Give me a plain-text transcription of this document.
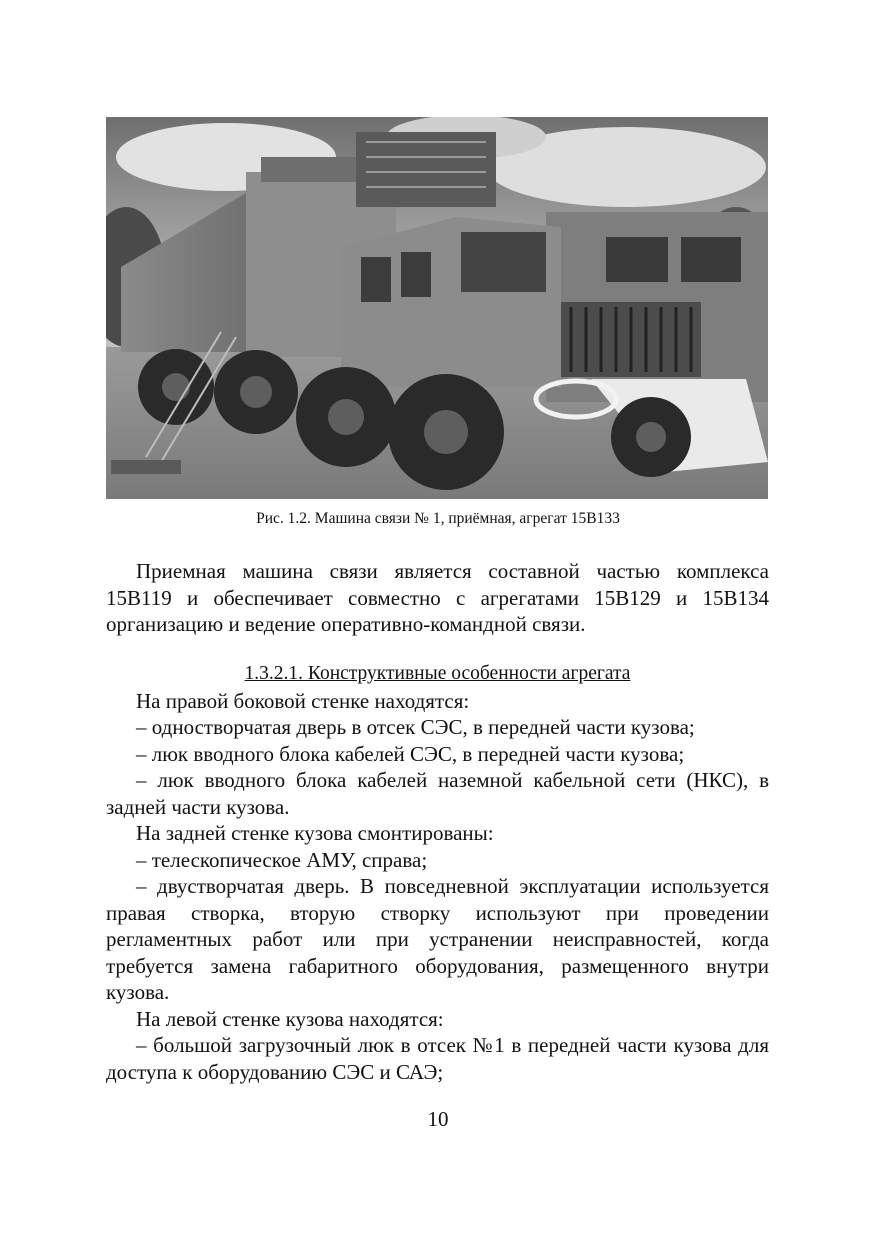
Рис. 1.2. Машина связи № 1, приёмная, агрегат 15В133

Приемная машина связи является составной частью комплекса 15В119 и обеспечивает совместно с агрегатами 15В129 и 15В134 организацию и ведение оперативно-командной связи.

1.3.2.1. Конструктивные особенности агрегата

На правой боковой стенке находятся:

– одностворчатая дверь в отсек СЭС, в передней части кузова;

– люк вводного блока кабелей СЭС, в передней части кузова;

– люк вводного блока кабелей наземной кабельной сети (НКС), в задней части кузова.

На задней стенке кузова смонтированы:

– телескопическое АМУ, справа;

– двустворчатая дверь. В повседневной эксплуатации используется правая створка, вторую створку используют при проведении регламентных работ или при устранении неисправностей, когда требуется замена габаритного оборудования, размещенного внутри кузова.

На левой стенке кузова находятся:

– большой загрузочный люк в отсек №1 в передней части кузова для доступа к оборудованию СЭС и САЭ;

10
